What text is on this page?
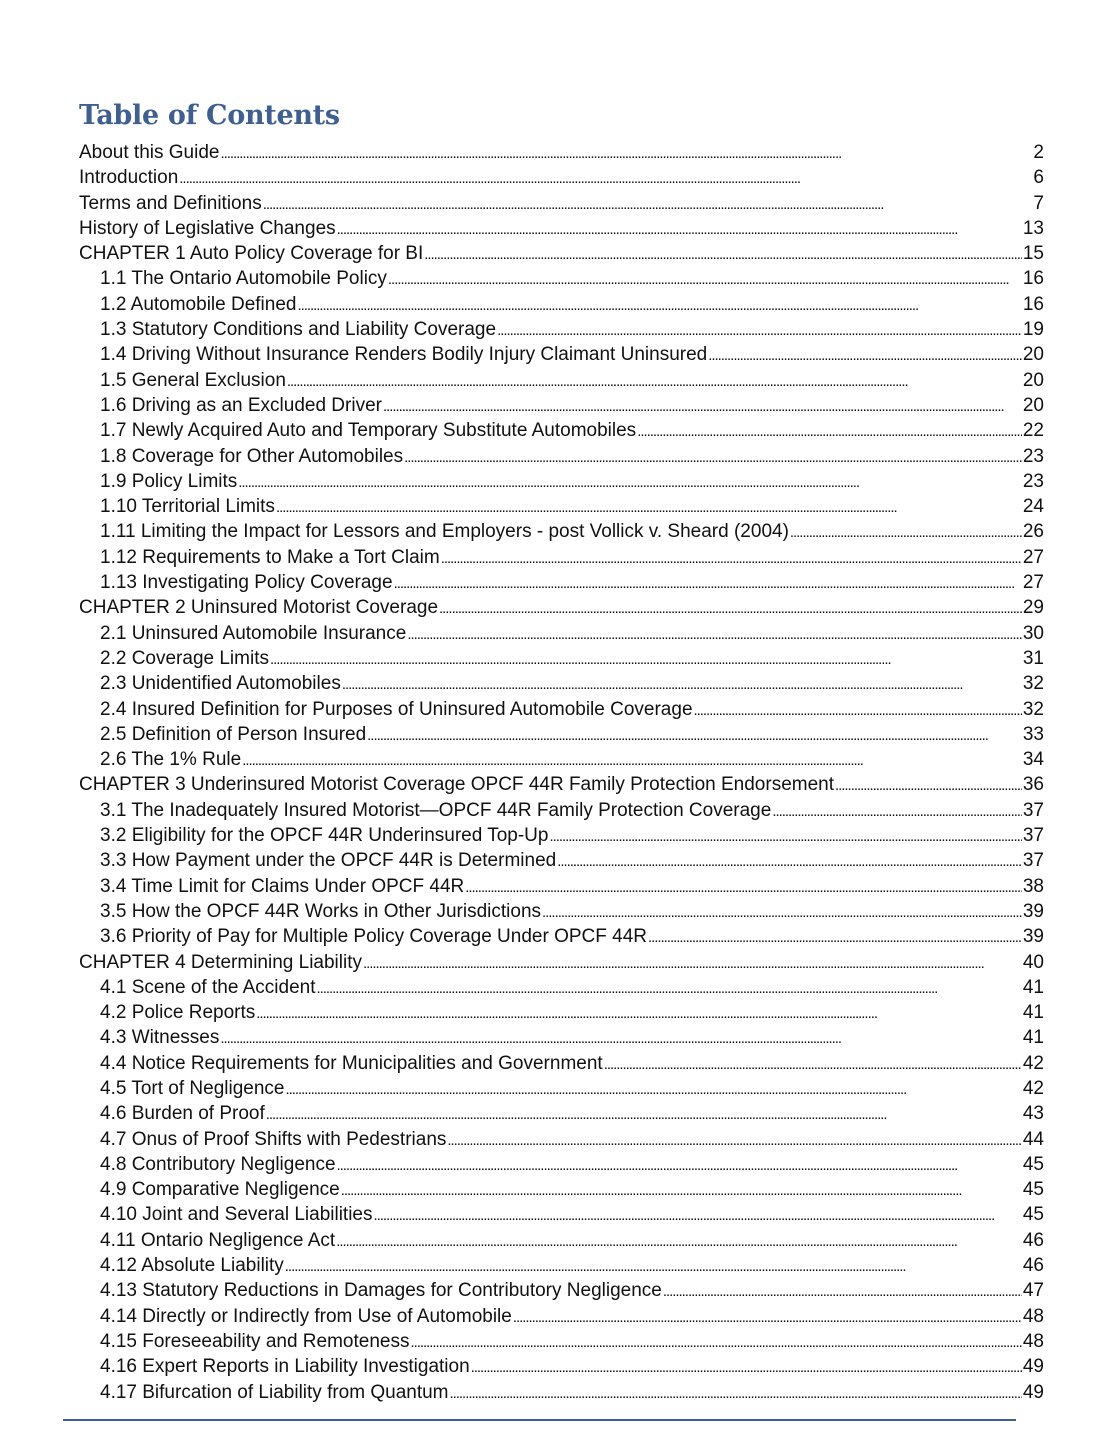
Table of Contents
About this Guide . . .	2
Introduction . . .	6
Terms and Definitions . . .	7
History of Legislative Changes . . .	13
CHAPTER 1 Auto Policy Coverage for BI . . .	15
1.1 The Ontario Automobile Policy . . .	16
1.2 Automobile Defined . . .	16
1.3 Statutory Conditions and Liability Coverage . . .	19
1.4 Driving Without Insurance Renders Bodily Injury Claimant Uninsured . . .	20
1.5 General Exclusion . . .	20
1.6 Driving as an Excluded Driver . . .	20
1.7 Newly Acquired Auto and Temporary Substitute Automobiles . . .	22
1.8 Coverage for Other Automobiles . . .	23
1.9 Policy Limits . . .	23
1.10 Territorial Limits . . .	24
1.11 Limiting the Impact for Lessors and Employers - post Vollick v. Sheard (2004) . . .	26
1.12 Requirements to Make a Tort Claim . . .	27
1.13 Investigating Policy Coverage . . .	27
CHAPTER 2 Uninsured Motorist Coverage . . .	29
2.1 Uninsured Automobile Insurance . . .	30
2.2 Coverage Limits . . .	31
2.3 Unidentified Automobiles . . .	32
2.4 Insured Definition for Purposes of Uninsured Automobile Coverage . . .	32
2.5 Definition of Person Insured . . .	33
2.6 The 1% Rule . . .	34
CHAPTER 3 Underinsured Motorist Coverage OPCF 44R Family Protection Endorsement . . .	36
3.1 The Inadequately Insured Motorist—OPCF 44R Family Protection Coverage . . .	37
3.2 Eligibility for the OPCF 44R Underinsured Top-Up . . .	37
3.3 How Payment under the OPCF 44R is Determined . . .	37
3.4 Time Limit for Claims Under OPCF 44R . . .	38
3.5 How the OPCF 44R Works in Other Jurisdictions . . .	39
3.6 Priority of Pay for Multiple Policy Coverage Under OPCF 44R . . .	39
CHAPTER 4 Determining Liability . . .	40
4.1 Scene of the Accident . . .	41
4.2 Police Reports . . .	41
4.3 Witnesses . . .	41
4.4 Notice Requirements for Municipalities and Government . . .	42
4.5 Tort of Negligence . . .	42
4.6 Burden of Proof . . .	43
4.7 Onus of Proof Shifts with Pedestrians . . .	44
4.8 Contributory Negligence . . .	45
4.9 Comparative Negligence . . .	45
4.10 Joint and Several Liabilities . . .	45
4.11 Ontario Negligence Act . . .	46
4.12 Absolute Liability . . .	46
4.13 Statutory Reductions in Damages for Contributory Negligence . . .	47
4.14 Directly or Indirectly from Use of Automobile . . .	48
4.15 Foreseeability and Remoteness . . .	48
4.16 Expert Reports in Liability Investigation . . .	49
4.17 Bifurcation of Liability from Quantum . . .	49
